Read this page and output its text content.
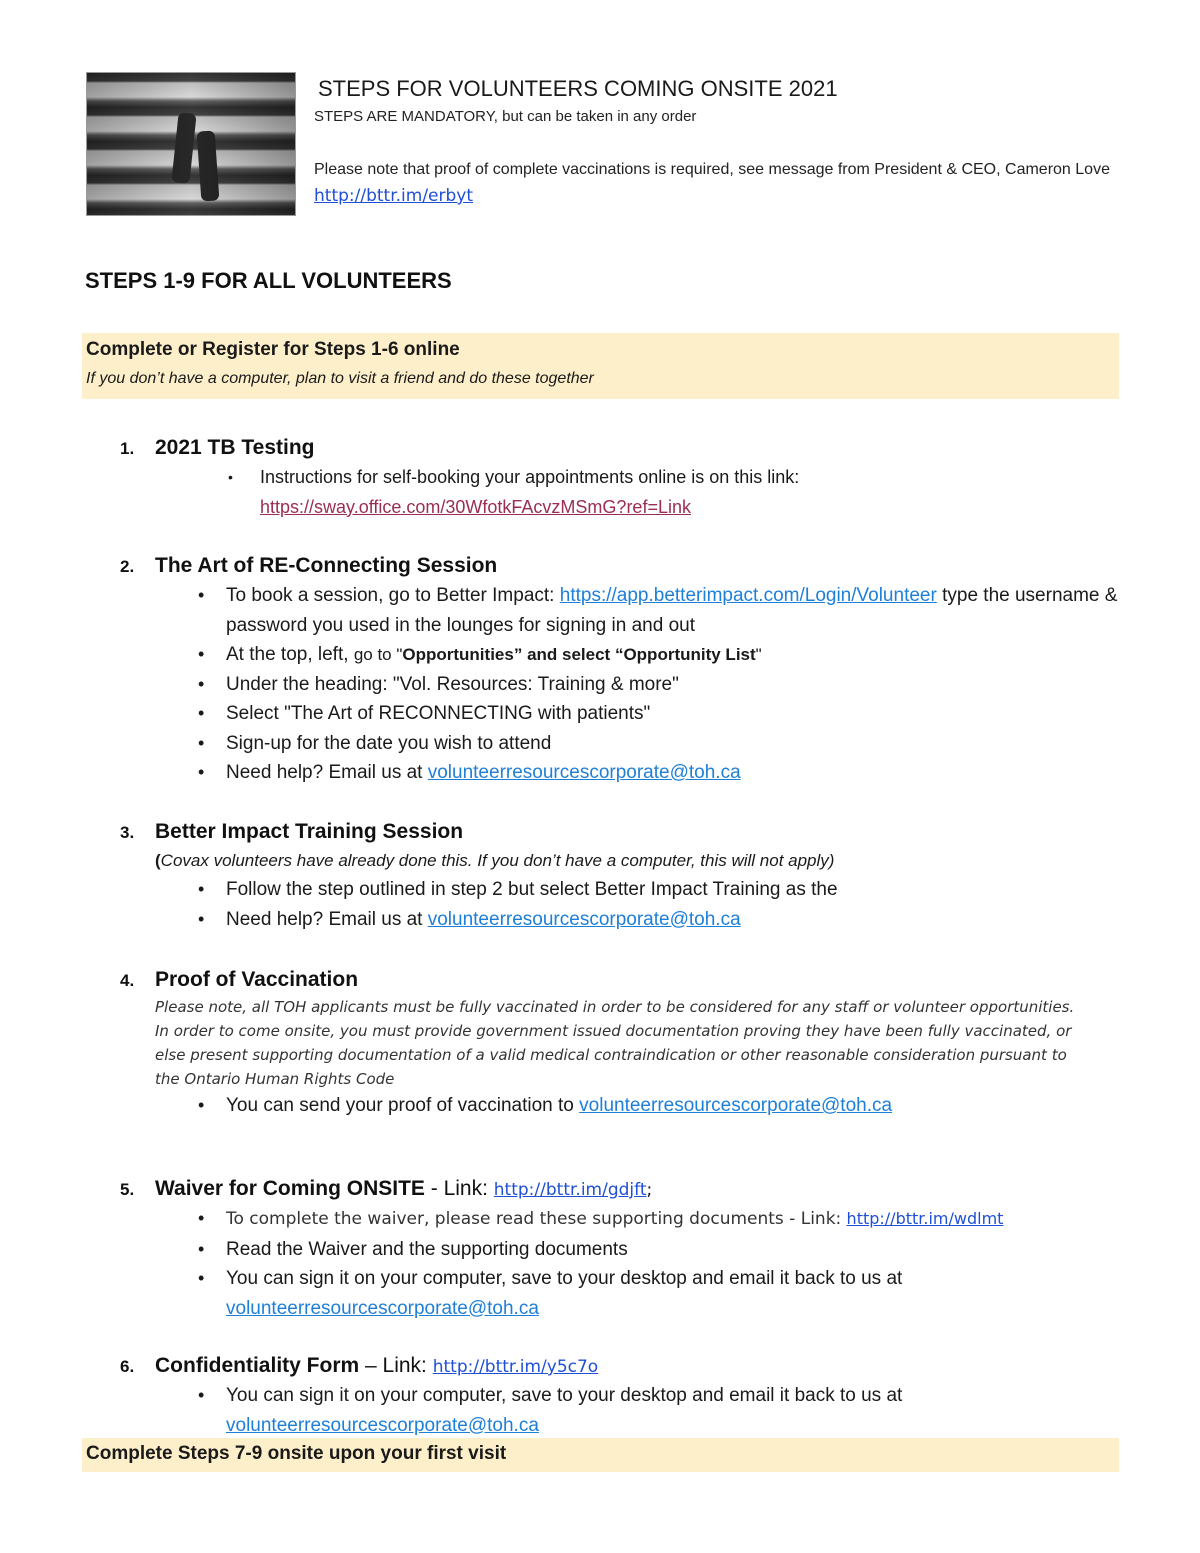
STEPS FOR VOLUNTEERS COMING ONSITE 2021
STEPS ARE MANDATORY, but can be taken in any order
Please note that proof of complete vaccinations is required, see message from President & CEO, Cameron Love http://bttr.im/erbyt
STEPS 1-9 FOR ALL VOLUNTEERS
Complete or Register for Steps 1-6 online
If you don’t have a computer, plan to visit a friend and do these together
1. 2021 TB Testing
• Instructions for self-booking your appointments online is on this link:
https://sway.office.com/30WfotkFAcvzMSmG?ref=Link
2. The Art of RE-Connecting Session
• To book a session, go to Better Impact: https://app.betterimpact.com/Login/Volunteer type the username & password you used in the lounges for signing in and out
• At the top, left, go to "Opportunities” and select “Opportunity List"
• Under the heading: "Vol. Resources: Training & more"
• Select "The Art of RECONNECTING with patients"
• Sign-up for the date you wish to attend
• Need help? Email us at volunteerresourcescorporate@toh.ca
3. Better Impact Training Session
(Covax volunteers have already done this. If you don’t have a computer, this will not apply)
• Follow the step outlined in step 2 but select Better Impact Training as the
• Need help? Email us at volunteerresourcescorporate@toh.ca
4. Proof of Vaccination
Please note, all TOH applicants must be fully vaccinated in order to be considered for any staff or volunteer opportunities. In order to come onsite, you must provide government issued documentation proving they have been fully vaccinated, or else present supporting documentation of a valid medical contraindication or other reasonable consideration pursuant to the Ontario Human Rights Code
• You can send your proof of vaccination to volunteerresourcescorporate@toh.ca
5. Waiver for Coming ONSITE - Link: http://bttr.im/gdjft;
• To complete the waiver, please read these supporting documents - Link: http://bttr.im/wdlmt
• Read the Waiver and the supporting documents
• You can sign it on your computer, save to your desktop and email it back to us at
volunteerresourcescorporate@toh.ca
6. Confidentiality Form – Link: http://bttr.im/y5c7o
• You can sign it on your computer, save to your desktop and email it back to us at
volunteerresourcescorporate@toh.ca
Complete Steps 7-9 onsite upon your first visit
